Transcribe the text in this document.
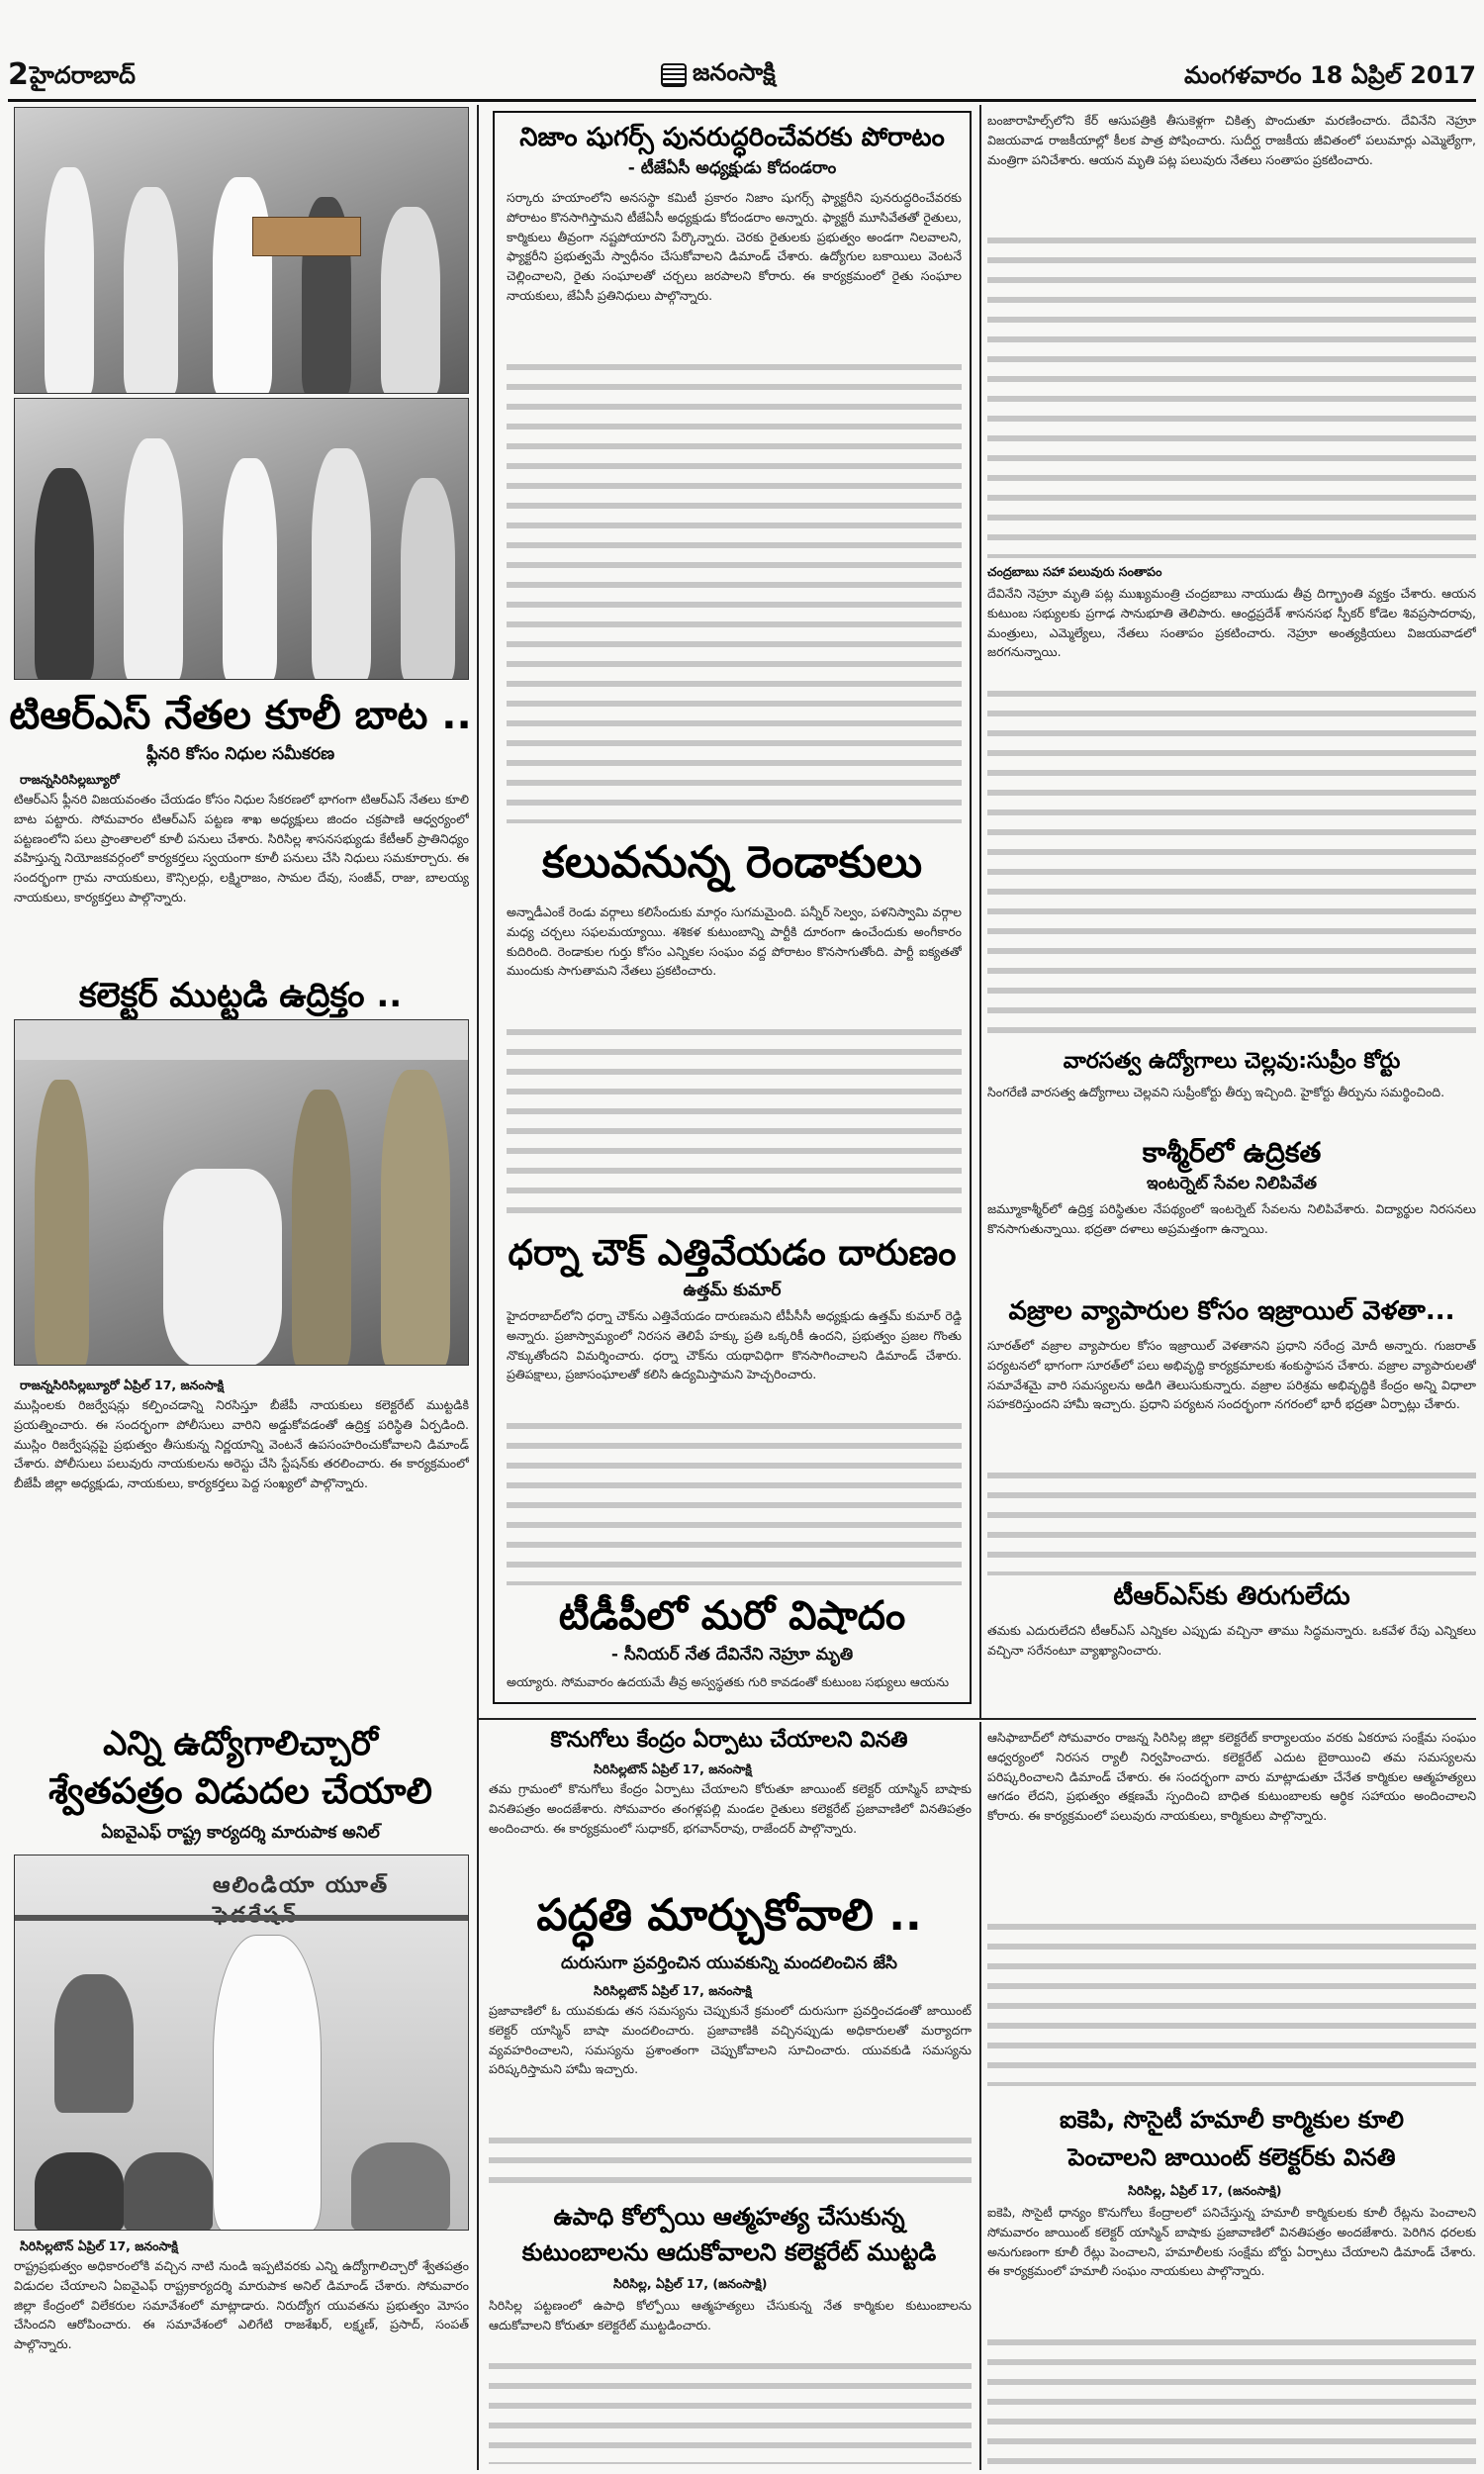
2 హైదరాబాద్	జనంసాక్షి	మంగళవారం 18 ఏప్రిల్ 2017
టిఆర్ఎస్ నేతల కూలీ బాట ..
ఫ్లీనరి కోసం నిధుల సమీకరణ
రాజన్నసిరిసిల్లబ్యూరో
టిఆర్ఎస్ ఫ్లీనరి విజయవంతం చేయడం కోసం నిధుల సేకరణలో భాగంగా టిఆర్ఎస్ నేతలు కూలి బాట పట్టారు. సోమవారం టిఆర్ఎస్ పట్టణ శాఖ అధ్యక్షులు జిందం చక్రపాణి ఆధ్వర్యంలో పట్టణంలోని పలు ప్రాంతాలలో కూలీ పనులు చేశారు. సిరిసిల్ల శాసనసభ్యుడు కేటీఆర్ ప్రాతినిధ్యం వహిస్తున్న నియోజకవర్గంలో కార్యకర్తలు స్వయంగా కూలీ పనులు చేసి నిధులు సమకూర్చారు. ఈ సందర్భంగా గ్రామ నాయకులు, కౌన్సిలర్లు, లక్ష్మిరాజం, సామల దేవు, సంజీవ్, రాజు, బాలయ్య నాయకులు, కార్యకర్తలు పాల్గొన్నారు.
కలెక్టర్ ముట్టడి ఉద్రిక్తం ..
రాజన్నసిరిసిల్లబ్యూరో ఏప్రిల్ 17, జనంసాక్షి
ముస్లింలకు రిజర్వేషన్లు కల్పించడాన్ని నిరసిస్తూ బీజేపీ నాయకులు కలెక్టరేట్ ముట్టడికి ప్రయత్నించారు. ఈ సందర్భంగా పోలీసులు వారిని అడ్డుకోవడంతో ఉద్రిక్త పరిస్థితి ఏర్పడింది. ముస్లిం రిజర్వేషన్లపై ప్రభుత్వం తీసుకున్న నిర్ణయాన్ని వెంటనే ఉపసంహరించుకోవాలని డిమాండ్ చేశారు. పోలీసులు పలువురు నాయకులను అరెస్టు చేసి స్టేషన్‌కు తరలించారు. ఈ కార్యక్రమంలో బీజేపీ జిల్లా అధ్యక్షుడు, నాయకులు, కార్యకర్తలు పెద్ద సంఖ్యలో పాల్గొన్నారు.
ఎన్ని ఉద్యోగాలిచ్చారో
శ్వేతపత్రం విడుదల చేయాలి
ఏఐవైఎఫ్ రాష్ట్ర కార్యదర్శి మారుపాక అనిల్
ఆలిండియా యూత్
సిరిసిల్లటౌన్ ఏప్రిల్ 17, జనంసాక్షి
రాష్ట్రప్రభుత్వం అధికారంలోకి వచ్చిన నాటి నుండి ఇప్పటివరకు ఎన్ని ఉద్యోగాలిచ్చారో శ్వేతపత్రం విడుదల చేయాలని ఏఐవైఎఫ్ రాష్ట్రకార్యదర్శి మారుపాక అనిల్ డిమాండ్ చేశారు. సోమవారం జిల్లా కేంద్రంలో విలేకరుల సమావేశంలో మాట్లాడారు. నిరుద్యోగ యువతను ప్రభుత్వం మోసం చేసిందని ఆరోపించారు. ఈ సమావేశంలో ఎలిగేటి రాజశేఖర్, లక్ష్మణ్, ప్రసాద్, సంపత్ పాల్గొన్నారు.
నిజాం షుగర్స్ పునరుద్ధరించేవరకు పోరాటం
- టీజేఏసీ అధ్యక్షుడు కోదండరాం
సర్కారు హయాంలోని అనసస్థా కమిటీ ప్రకారం నిజాం షుగర్స్ ఫ్యాక్టరీని పునరుద్ధరించేవరకు పోరాటం కొనసాగిస్తామని టీజేఏసీ అధ్యక్షుడు కోదండరాం అన్నారు. ఫ్యాక్టరీ మూసివేతతో రైతులు, కార్మికులు తీవ్రంగా నష్టపోయారని పేర్కొన్నారు. చెరకు రైతులకు ప్రభుత్వం అండగా నిలవాలని, ఫ్యాక్టరీని ప్రభుత్వమే స్వాధీనం చేసుకోవాలని డిమాండ్ చేశారు. ఉద్యోగుల బకాయిలు వెంటనే చెల్లించాలని, రైతు సంఘాలతో చర్చలు జరపాలని కోరారు. ఈ కార్యక్రమంలో రైతు సంఘాల నాయకులు, జేఏసీ ప్రతినిధులు పాల్గొన్నారు.
కలువనున్న రెండాకులు
అన్నాడీఎంకే రెండు వర్గాలు కలిసేందుకు మార్గం సుగమమైంది. పన్నీర్ సెల్వం, పళనిస్వామి వర్గాల మధ్య చర్చలు సఫలమయ్యాయి. శశికళ కుటుంబాన్ని పార్టీకి దూరంగా ఉంచేందుకు అంగీకారం కుదిరింది. రెండాకుల గుర్తు కోసం ఎన్నికల సంఘం వద్ద పోరాటం కొనసాగుతోంది. పార్టీ ఐక్యతతో ముందుకు సాగుతామని నేతలు ప్రకటించారు.
ధర్నా చౌక్ ఎత్తివేయడం దారుణం
ఉత్తమ్ కుమార్
హైదరాబాద్‌లోని ధర్నా చౌక్‌ను ఎత్తివేయడం దారుణమని టీపీసీసీ అధ్యక్షుడు ఉత్తమ్ కుమార్ రెడ్డి అన్నారు. ప్రజాస్వామ్యంలో నిరసన తెలిపే హక్కు ప్రతి ఒక్కరికీ ఉందని, ప్రభుత్వం ప్రజల గొంతు నొక్కుతోందని విమర్శించారు. ధర్నా చౌక్‌ను యథావిధిగా కొనసాగించాలని డిమాండ్ చేశారు. ప్రతిపక్షాలు, ప్రజాసంఘాలతో కలిసి ఉద్యమిస్తామని హెచ్చరించారు.
టీడీపీలో మరో విషాదం
- సీనియర్ నేత దేవినేని నెహ్రూ మృతి
అయ్యారు. సోమవారం ఉదయమే తీవ్ర అస్వస్థతకు గురి కావడంతో కుటుంబ సభ్యులు ఆయను
బంజారాహిల్స్‌లోని కేర్ ఆసుపత్రికి తీసుకెళ్లగా చికిత్స పొందుతూ మరణించారు. దేవినేని నెహ్రూ విజయవాడ రాజకీయాల్లో కీలక పాత్ర పోషించారు. సుదీర్ఘ రాజకీయ జీవితంలో పలుమార్లు ఎమ్మెల్యేగా, మంత్రిగా పనిచేశారు. ఆయన మృతి పట్ల పలువురు నేతలు సంతాపం ప్రకటించారు.
చంద్రబాబు సహా పలువురు సంతాపం
దేవినేని నెహ్రూ మృతి పట్ల ముఖ్యమంత్రి చంద్రబాబు నాయుడు తీవ్ర దిగ్భ్రాంతి వ్యక్తం చేశారు. ఆయన కుటుంబ సభ్యులకు ప్రగాఢ సానుభూతి తెలిపారు. ఆంధ్రప్రదేశ్ శాసనసభ స్పీకర్ కోడెల శివప్రసాదరావు, మంత్రులు, ఎమ్మెల్యేలు, నేతలు సంతాపం ప్రకటించారు. నెహ్రూ అంత్యక్రియలు విజయవాడలో జరగనున్నాయి.
వారసత్వ ఉద్యోగాలు చెల్లవు:సుప్రీం కోర్టు
సింగరేణి వారసత్వ ఉద్యోగాలు చెల్లవని సుప్రీంకోర్టు తీర్పు ఇచ్చింది. హైకోర్టు తీర్పును సమర్థించింది.
కాశ్మీర్‌లో ఉద్రికత
ఇంటర్నెట్ సేవల నిలిపివేత
జమ్మూకాశ్మీర్‌లో ఉద్రిక్త పరిస్థితుల నేపథ్యంలో ఇంటర్నెట్ సేవలను నిలిపివేశారు. విద్యార్థుల నిరసనలు కొనసాగుతున్నాయి. భద్రతా దళాలు అప్రమత్తంగా ఉన్నాయి.
వజ్రాల వ్యాపారుల కోసం ఇజ్రాయిల్ వెళతా...
సూరత్‌లో వజ్రాల వ్యాపారుల కోసం ఇజ్రాయిల్ వెళతానని ప్రధాని నరేంద్ర మోదీ అన్నారు. గుజరాత్ పర్యటనలో భాగంగా సూరత్‌లో పలు అభివృద్ధి కార్యక్రమాలకు శంకుస్థాపన చేశారు. వజ్రాల వ్యాపారులతో సమావేశమై వారి సమస్యలను అడిగి తెలుసుకున్నారు. వజ్రాల పరిశ్రమ అభివృద్ధికి కేంద్రం అన్ని విధాలా సహకరిస్తుందని హామీ ఇచ్చారు. ప్రధాని పర్యటన సందర్భంగా నగరంలో భారీ భద్రతా ఏర్పాట్లు చేశారు.
టీఆర్ఎస్‌కు తిరుగులేదు
తమకు ఎదురులేదని టీఆర్ఎస్ ఎన్నికల ఎప్పుడు వచ్చినా తాము సిద్ధమన్నారు. ఒకవేళ రేపు ఎన్నికలు వచ్చినా సరేనంటూ వ్యాఖ్యానించారు.
కొనుగోలు కేంద్రం ఏర్పాటు చేయాలని వినతి
సిరిసిల్లటౌన్ ఏప్రిల్ 17, జనంసాక్షి
తమ గ్రామంలో కొనుగోలు కేంద్రం ఏర్పాటు చేయాలని కోరుతూ జాయింట్ కలెక్టర్ యాస్మిన్ బాషాకు వినతిపత్రం అందజేశారు. సోమవారం తంగళ్లపల్లి మండల రైతులు కలెక్టరేట్ ప్రజావాణిలో వినతిపత్రం అందించారు. ఈ కార్యక్రమంలో సుధాకర్, భగవాన్‌రావు, రాజేందర్ పాల్గొన్నారు.
పద్ధతి మార్చుకోవాలి ..
దురుసుగా ప్రవర్తించిన యువకున్ని మందలించిన జేసి
సిరిసిల్లటౌన్ ఏప్రిల్ 17, జనంసాక్షి
ప్రజావాణిలో ఓ యువకుడు తన సమస్యను చెప్పుకునే క్రమంలో దురుసుగా ప్రవర్తించడంతో జాయింట్ కలెక్టర్ యాస్మిన్ బాషా మందలించారు. ప్రజావాణికి వచ్చినప్పుడు అధికారులతో మర్యాదగా వ్యవహరించాలని, సమస్యను ప్రశాంతంగా చెప్పుకోవాలని సూచించారు. యువకుడి సమస్యను పరిష్కరిస్తామని హామీ ఇచ్చారు.
ఉపాధి కోల్పోయి ఆత్మహత్య చేసుకున్న
కుటుంబాలను ఆదుకోవాలని కలెక్టరేట్ ముట్టడి
సిరిసిల్ల, ఏప్రిల్ 17, (జనంసాక్షి)
సిరిసిల్ల పట్టణంలో ఉపాధి కోల్పోయి ఆత్మహత్యలు చేసుకున్న నేత కార్మికుల కుటుంబాలను ఆదుకోవాలని కోరుతూ కలెక్టరేట్ ముట్టడించారు.
ఆసిఫాబాద్‌లో సోమవారం రాజన్న సిరిసిల్ల జిల్లా కలెక్టరేట్ కార్యాలయం వరకు ఏకరూప సంక్షేమ సంఘం ఆధ్వర్యంలో నిరసన ర్యాలీ నిర్వహించారు. కలెక్టరేట్ ఎదుట బైఠాయించి తమ సమస్యలను పరిష్కరించాలని డిమాండ్ చేశారు. ఈ సందర్భంగా వారు మాట్లాడుతూ చేనేత కార్మికుల ఆత్మహత్యలు ఆగడం లేదని, ప్రభుత్వం తక్షణమే స్పందించి బాధిత కుటుంబాలకు ఆర్థిక సహాయం అందించాలని కోరారు. ఈ కార్యక్రమంలో పలువురు నాయకులు, కార్మికులు పాల్గొన్నారు.
ఐకెపి, సొసైటీ హమాలీ కార్మికుల కూలి
పెంచాలని జాయింట్ కలెక్టర్‌కు వినతి
సిరిసిల్ల, ఏప్రిల్ 17, (జనంసాక్షి)
ఐకెపి, సొసైటీ ధాన్యం కొనుగోలు కేంద్రాలలో పనిచేస్తున్న హమాలీ కార్మికులకు కూలీ రేట్లను పెంచాలని సోమవారం జాయింట్ కలెక్టర్ యాస్మిన్ బాషాకు ప్రజావాణిలో వినతిపత్రం అందజేశారు. పెరిగిన ధరలకు అనుగుణంగా కూలీ రేట్లు పెంచాలని, హమాలీలకు సంక్షేమ బోర్డు ఏర్పాటు చేయాలని డిమాండ్ చేశారు. ఈ కార్యక్రమంలో హమాలీ సంఘం నాయకులు పాల్గొన్నారు.
